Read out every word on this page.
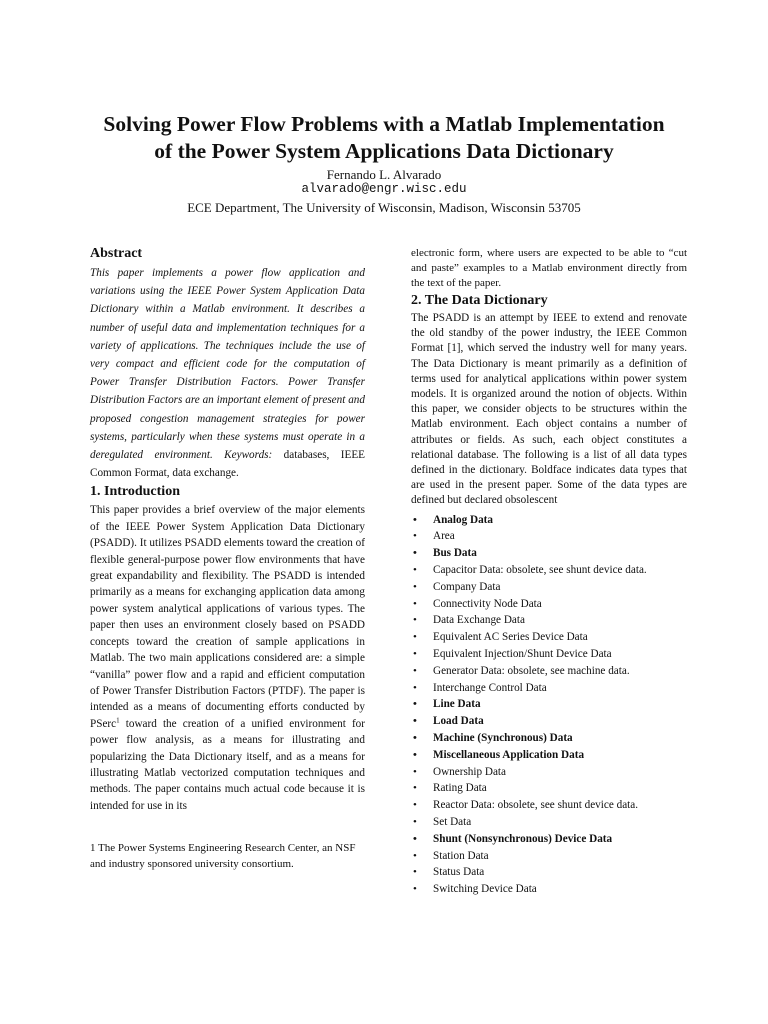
Solving Power Flow Problems with a Matlab Implementation
of the Power System Applications Data Dictionary
Fernando L. Alvarado
alvarado@engr.wisc.edu
ECE Department, The University of Wisconsin, Madison, Wisconsin 53705
Abstract

This paper implements a power flow application and variations using the IEEE Power System Application Data Dictionary within a Matlab environment. It describes a number of useful data and implementation techniques for a variety of applications. The techniques include the use of very compact and efficient code for the computation of Power Transfer Distribution Factors. Power Transfer Distribution Factors are an important element of present and proposed congestion management strategies for power systems, particularly when these systems must operate in a deregulated environment. Keywords: databases, IEEE Common Format, data exchange.

1. Introduction

This paper provides a brief overview of the major elements of the IEEE Power System Application Data Dictionary (PSADD). It utilizes PSADD elements toward the creation of flexible general-purpose power flow environments that have great expandability and flexibility. The PSADD is intended primarily as a means for exchanging application data among power system analytical applications of various types. The paper then uses an environment closely based on PSADD concepts toward the creation of sample applications in Matlab. The two main applications considered are: a simple “vanilla” power flow and a rapid and efficient computation of Power Transfer Distribution Factors (PTDF). The paper is intended as a means of documenting efforts conducted by PSerc$^1$ toward the creation of a unified environment for power flow analysis, as a means for illustrating and popularizing the Data Dictionary itself, and as a means for illustrating Matlab vectorized computation techniques and methods. The paper contains much actual code because it is intended for use in its

1 The Power Systems Engineering Research Center, an NSF and industry sponsored university consortium.

electronic form, where users are expected to be able to “cut and paste” examples to a Matlab environment directly from the text of the paper.

2. The Data Dictionary

The PSADD is an attempt by IEEE to extend and renovate the old standby of the power industry, the IEEE Common Format [1], which served the industry well for many years. The Data Dictionary is meant primarily as a definition of terms used for analytical applications within power system models. It is organized around the notion of objects. Within this paper, we consider objects to be structures within the Matlab environment. Each object contains a number of attributes or fields. As such, each object constitutes a relational database. The following is a list of all data types defined in the dictionary. Boldface indicates data types that are used in the present paper. Some of the data types are defined but declared obsolescent

• Analog Data
• Area
• Bus Data
• Capacitor Data: obsolete, see shunt device data.
• Company Data
• Connectivity Node Data
• Data Exchange Data
• Equivalent AC Series Device Data
• Equivalent Injection/Shunt Device Data
• Generator Data: obsolete, see machine data.
• Interchange Control Data
• Line Data
• Load Data
• Machine (Synchronous) Data
• Miscellaneous Application Data
• Ownership Data
• Rating Data
• Reactor Data: obsolete, see shunt device data.
• Set Data
• Shunt (Nonsynchronous) Device Data
• Station Data
• Status Data
• Switching Device Data
